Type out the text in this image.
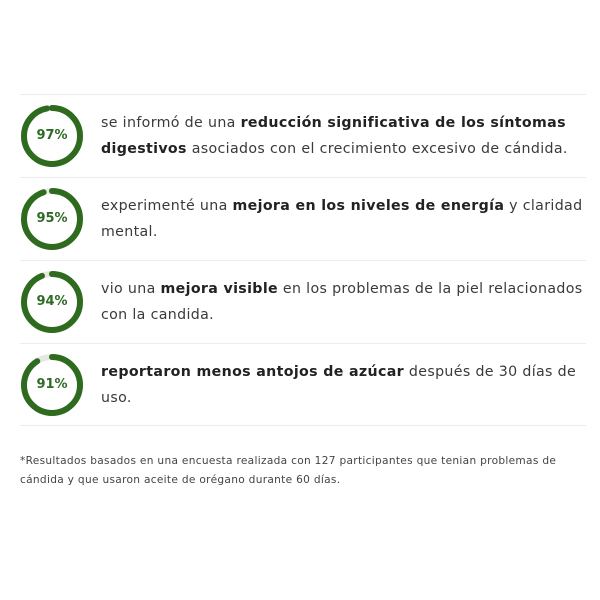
97%

se informó de una reducción significativa de los síntomas digestivos asociados con el crecimiento excesivo de cándida.

95%

experimenté una mejora en los niveles de energía y claridad mental.

94%

vio una mejora visible en los problemas de la piel relacionados con la candida.

91%

reportaron menos antojos de azúcar después de 30 días de uso.

*Resultados basados en una encuesta realizada con 127 participantes que tenian problemas de cándida y que usaron aceite de orégano durante 60 días.
